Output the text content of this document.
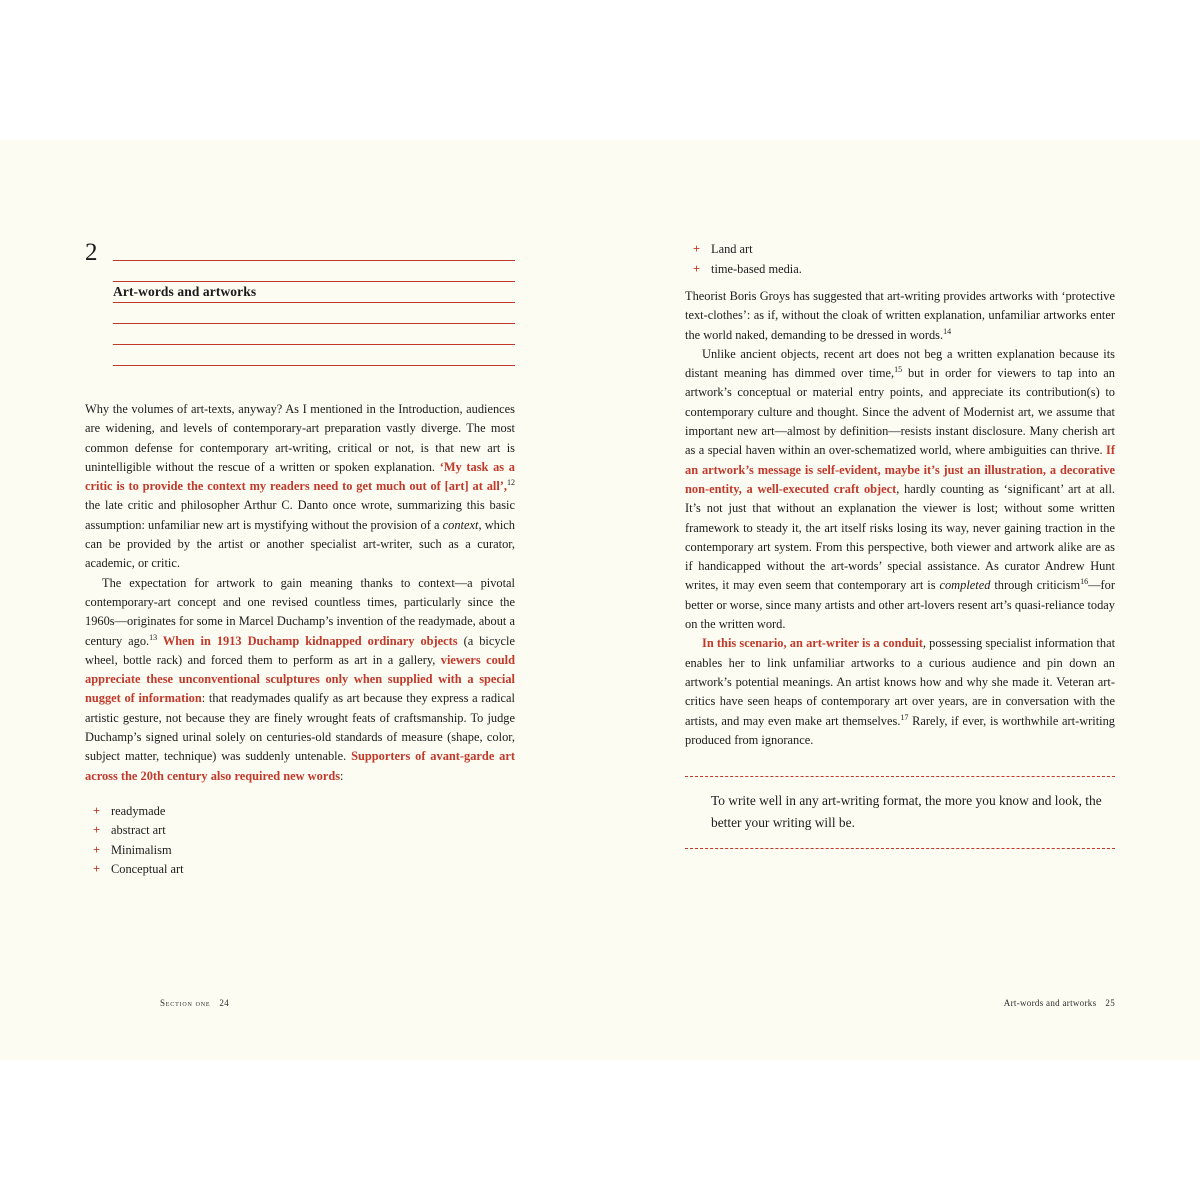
2
Art-words and artworks

Why the volumes of art-texts, anyway? As I mentioned in the Introduction, audiences are widening, and levels of contemporary-art preparation vastly diverge. The most common defense for contemporary art-writing, critical or not, is that new art is unintelligible without the rescue of a written or spoken explanation. ‘My task as a critic is to provide the context my readers need to get much out of [art] at all’,$^{12}$ the late critic and philosopher Arthur C. Danto once wrote, summarizing this basic assumption: unfamiliar new art is mystifying without the provision of a context, which can be provided by the artist or another specialist art-writer, such as a curator, academic, or critic.

The expectation for artwork to gain meaning thanks to context—a pivotal contemporary-art concept and one revised countless times, particularly since the 1960s—originates for some in Marcel Duchamp’s invention of the readymade, about a century ago.$^{13}$ When in 1913 Duchamp kidnapped ordinary objects (a bicycle wheel, bottle rack) and forced them to perform as art in a gallery, viewers could appreciate these unconventional sculptures only when supplied with a special nugget of information: that readymades qualify as art because they express a radical artistic gesture, not because they are finely wrought feats of craftsmanship. To judge Duchamp’s signed urinal solely on centuries-old standards of measure (shape, color, subject matter, technique) was suddenly untenable. Supporters of avant-garde art across the 20th century also required new words:

+ readymade
+ abstract art
+ Minimalism
+ Conceptual art
Section one 24
+ Land art
+ time-based media.

Theorist Boris Groys has suggested that art-writing provides artworks with ‘protective text-clothes’: as if, without the cloak of written explanation, unfamiliar artworks enter the world naked, demanding to be dressed in words.$^{14}$

Unlike ancient objects, recent art does not beg a written explanation because its distant meaning has dimmed over time,$^{15}$ but in order for viewers to tap into an artwork’s conceptual or material entry points, and appreciate its contribution(s) to contemporary culture and thought. Since the advent of Modernist art, we assume that important new art—almost by definition—resists instant disclosure. Many cherish art as a special haven within an over-schematized world, where ambiguities can thrive. If an artwork’s message is self-evident, maybe it’s just an illustration, a decorative non-entity, a well-executed craft object, hardly counting as ‘significant’ art at all. It’s not just that without an explanation the viewer is lost; without some written framework to steady it, the art itself risks losing its way, never gaining traction in the contemporary art system. From this perspective, both viewer and artwork alike are as if handicapped without the art-words’ special assistance. As curator Andrew Hunt writes, it may even seem that contemporary art is completed through criticism$^{16}$—for better or worse, since many artists and other art-lovers resent art’s quasi-reliance today on the written word.

In this scenario, an art-writer is a conduit, possessing specialist information that enables her to link unfamiliar artworks to a curious audience and pin down an artwork’s potential meanings. An artist knows how and why she made it. Veteran art-critics have seen heaps of contemporary art over years, are in conversation with the artists, and may even make art themselves.$^{17}$ Rarely, if ever, is worthwhile art-writing produced from ignorance.

To write well in any art-writing format, the more you know and look, the better your writing will be.

Art-words and artworks 25
